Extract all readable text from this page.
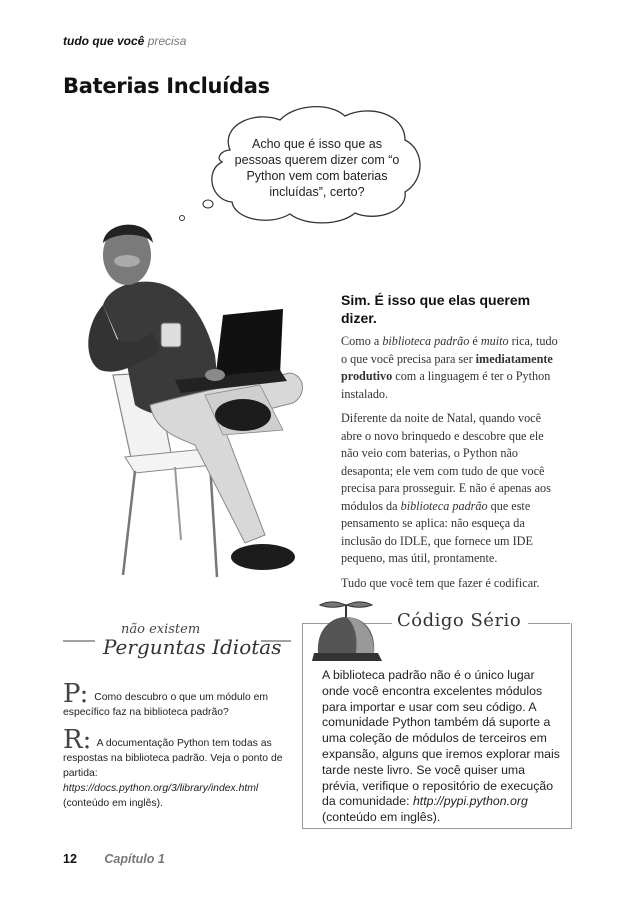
tudo que você precisa
Baterias Incluídas
Acho que é isso que as pessoas querem dizer com “o Python vem com baterias incluídas”, certo?
Sim. É isso que elas querem dizer.

Como a biblioteca padrão é muito rica, tudo o que você precisa para ser imediatamente produtivo com a linguagem é ter o Python instalado.

Diferente da noite de Natal, quando você abre o novo brinquedo e descobre que ele não veio com baterias, o Python não desaponta; ele vem com tudo de que você precisa para prosseguir. E não é apenas aos módulos da biblioteca padrão que este pensamento se aplica: não esqueça da inclusão do IDLE, que fornece um IDE pequeno, mas útil, prontamente.

Tudo que você tem que fazer é codificar.

não existem
Perguntas Idiotas
P: Como descubro o que um módulo em específico faz na biblioteca padrão?
R: A documentação Python tem todas as respostas na biblioteca padrão. Veja o ponto de partida: https://docs.python.org/3/library/index.html (conteúdo em inglês).
Código Sério
A biblioteca padrão não é o único lugar onde você encontra excelentes módulos para importar e usar com seu código. A comunidade Python também dá suporte a uma coleção de módulos de terceiros em expansão, alguns que iremos explorar mais tarde neste livro. Se você quiser uma prévia, verifique o repositório de execução da comunidade: http://pypi.python.org (conteúdo em inglês).
12 Capítulo 1
